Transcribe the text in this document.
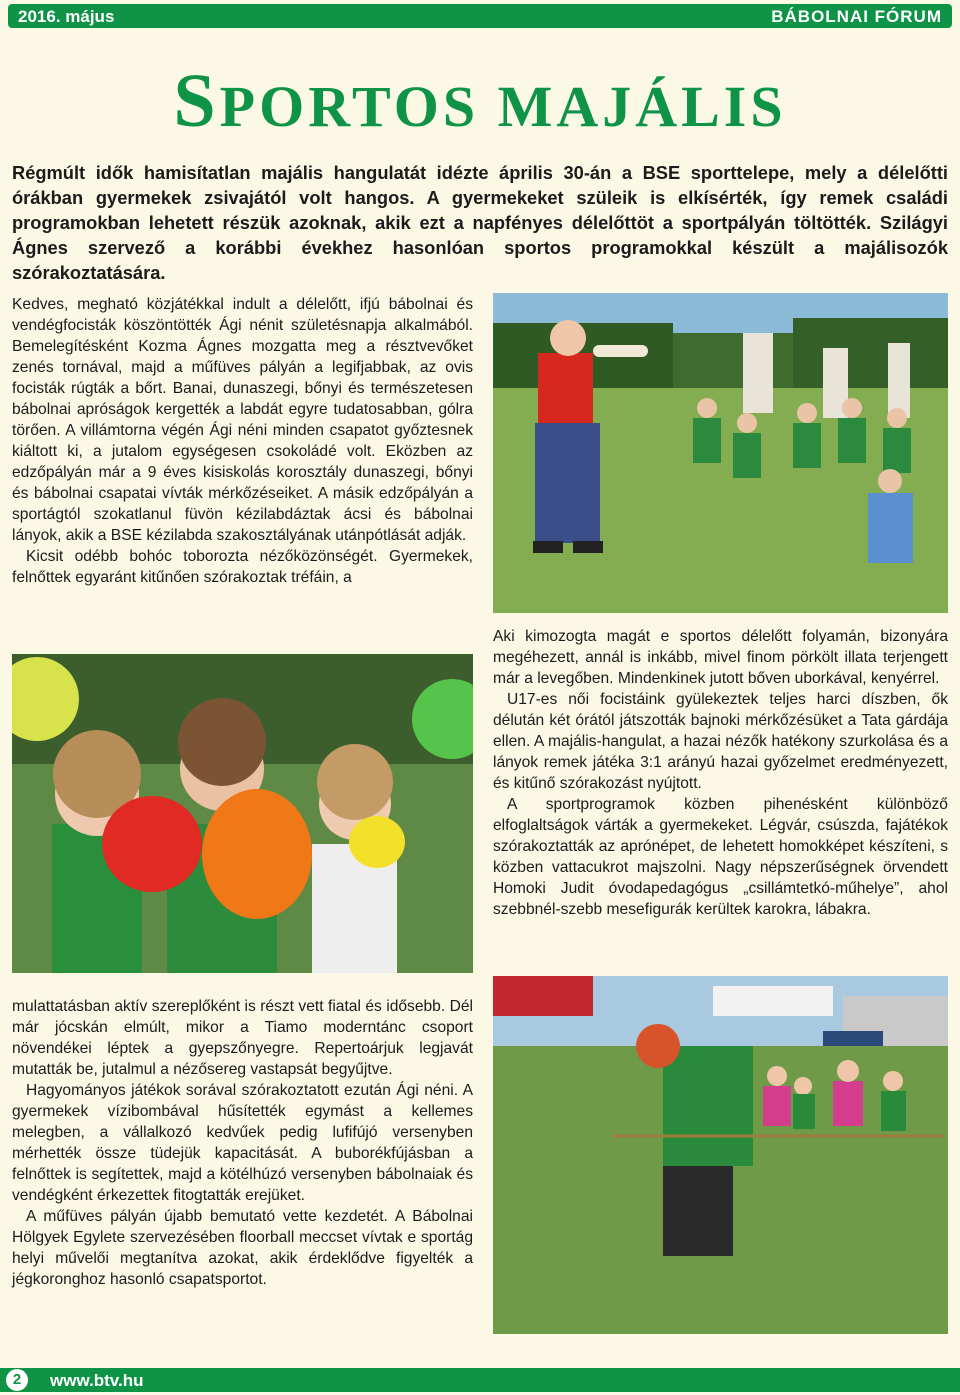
2016. május	BÁBOLNAI FÓRUM
SPORTOS MAJÁLIS
Régmúlt idők hamisítatlan majális hangulatát idézte április 30-án a BSE sporttelepe, mely a délelőtti órákban gyermekek zsivajától volt hangos. A gyermekeket szüleik is elkísérték, így remek családi programokban lehetett részük azoknak, akik ezt a napfényes délelőttöt a sportpályán töltötték. Szilágyi Ágnes szervező a korábbi évekhez hasonlóan sportos programokkal készült a majálisozók szórakoztatására.

Kedves, megható közjátékkal indult a délelőtt, ifjú bábolnai és vendégfocisták köszöntötték Ági nénit születésnapja alkalmából. Bemelegítésként Kozma Ágnes mozgatta meg a résztvevőket zenés tornával, majd a műfüves pályán a legifjabbak, az ovis focisták rúgták a bőrt. Banai, dunaszegi, bőnyi és természetesen bábolnai apróságok kergették a labdát egyre tudatosabban, gólra törően. A villámtorna végén Ági néni minden csapatot győztesnek kiáltott ki, a jutalom egységesen csokoládé volt. Eközben az edzőpályán már a 9 éves kisiskolás korosztály dunaszegi, bőnyi és bábolnai csapatai vívták mérkőzéseiket. A másik edzőpályán a sportágtól szokatlanul füvön kézilabdáztak ácsi és bábolnai lányok, akik a BSE kézilabda szakosztályának utánpótlását adják.

Kicsit odébb bohóc toborozta nézőközönségét. Gyermekek, felnőttek egyaránt kitűnően szórakoztak tréfáin, a

Aki kimozogta magát e sportos délelőtt folyamán, bizonyára megéhezett, annál is inkább, mivel finom pörkölt illata terjengett már a levegőben. Mindenkinek jutott bőven uborkával, kenyérrel.

U17-es női focistáink gyülekeztek teljes harci díszben, ők délután két órától játszották bajnoki mérkőzésüket a Tata gárdája ellen. A majális-hangulat, a hazai nézők hatékony szurkolása és a lányok remek játéka 3:1 arányú hazai győzelmet eredményezett, és kitűnő szórakozást nyújtott.

A sportprogramok közben pihenésként különböző elfoglaltságok várták a gyermekeket. Légvár, csúszda, fajátékok szórakoztatták az aprónépet, de lehetett homokképet készíteni, s közben vattacukrot majszolni. Nagy népszerűségnek örvendett Homoki Judit óvodapedagógus „csillámtetkó-műhelye”, ahol szebbnél-szebb mesefigurák kerültek karokra, lábakra.

mulattatásban aktív szereplőként is részt vett fiatal és idősebb. Dél már jócskán elmúlt, mikor a Tiamo moderntánc csoport növendékei léptek a gyepszőnyegre. Repertoárjuk legjavát mutatták be, jutalmul a nézősereg vastapsát begyűjtve.

Hagyományos játékok sorával szórakoztatott ezután Ági néni. A gyermekek vízibombával hűsítették egymást a kellemes melegben, a vállalkozó kedvűek pedig lufifújó versenyben mérhették össze tüdejük kapacitását. A buborékfújásban a felnőttek is segítettek, majd a kötélhúzó versenyben bábolnaiak és vendégként érkezettek fitogtatták erejüket.

A műfüves pályán újabb bemutató vette kezdetét. A Bábolnai Hölgyek Egylete szervezésében floorball meccset vívtak e sportág helyi művelői megtanítva azokat, akik érdeklődve figyelték a jégkoronghoz hasonló csapatsportot.

2	www.btv.hu
